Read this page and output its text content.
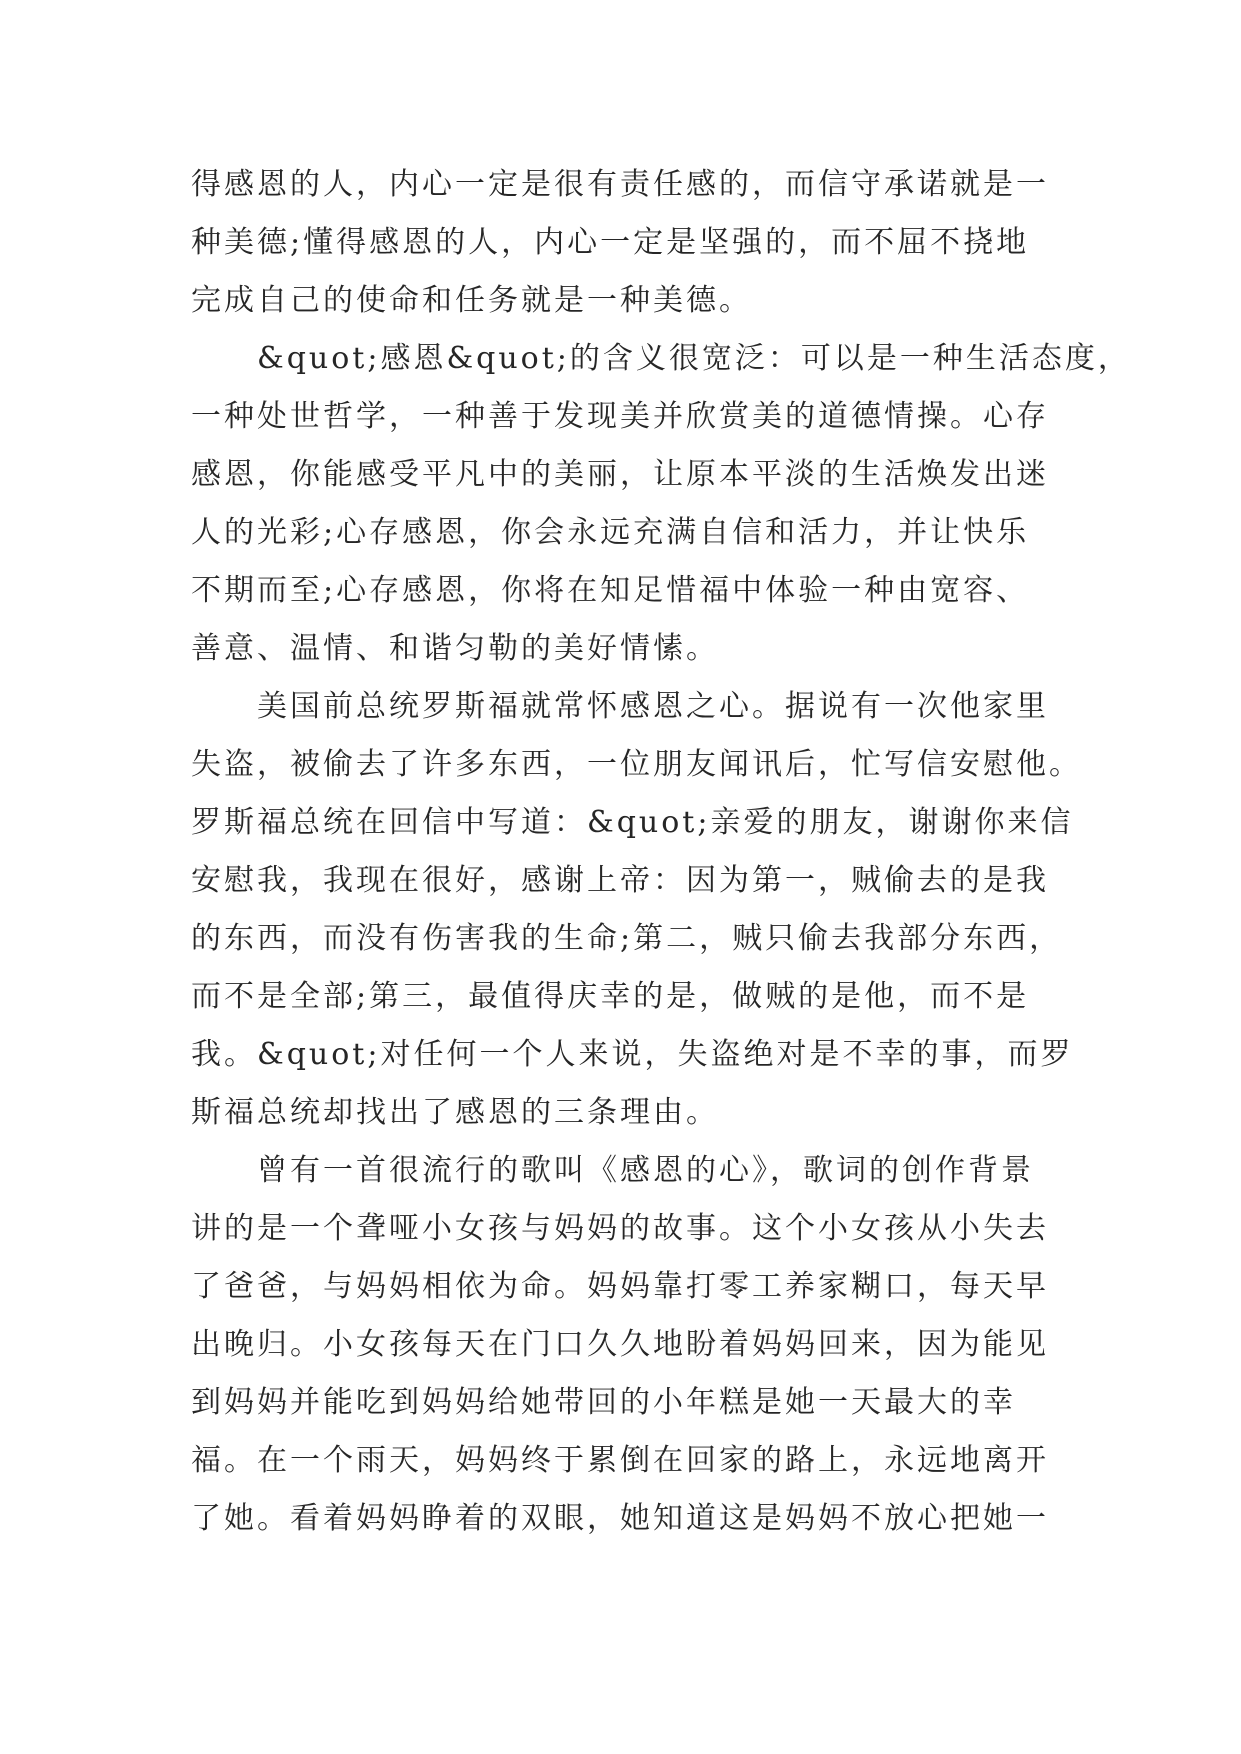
得感恩的人，内心一定是很有责任感的，而信守承诺就是一
种美德;懂得感恩的人，内心一定是坚强的，而不屈不挠地
完成自己的使命和任务就是一种美德。

&quot;感恩&quot;的含义很宽泛：可以是一种生活态度，
一种处世哲学，一种善于发现美并欣赏美的道德情操。心存
感恩，你能感受平凡中的美丽，让原本平淡的生活焕发出迷
人的光彩;心存感恩，你会永远充满自信和活力，并让快乐
不期而至;心存感恩，你将在知足惜福中体验一种由宽容、
善意、温情、和谐匀勒的美好情愫。

美国前总统罗斯福就常怀感恩之心。据说有一次他家里
失盗，被偷去了许多东西，一位朋友闻讯后，忙写信安慰他。
罗斯福总统在回信中写道：&quot;亲爱的朋友，谢谢你来信
安慰我，我现在很好，感谢上帝：因为第一，贼偷去的是我
的东西，而没有伤害我的生命;第二，贼只偷去我部分东西，
而不是全部;第三，最值得庆幸的是，做贼的是他，而不是
我。&quot;对任何一个人来说，失盗绝对是不幸的事，而罗
斯福总统却找出了感恩的三条理由。

曾有一首很流行的歌叫《感恩的心》，歌词的创作背景
讲的是一个聋哑小女孩与妈妈的故事。这个小女孩从小失去
了爸爸，与妈妈相依为命。妈妈靠打零工养家糊口，每天早
出晚归。小女孩每天在门口久久地盼着妈妈回来，因为能见
到妈妈并能吃到妈妈给她带回的小年糕是她一天最大的幸
福。在一个雨天，妈妈终于累倒在回家的路上，永远地离开
了她。看着妈妈睁着的双眼，她知道这是妈妈不放心把她一
